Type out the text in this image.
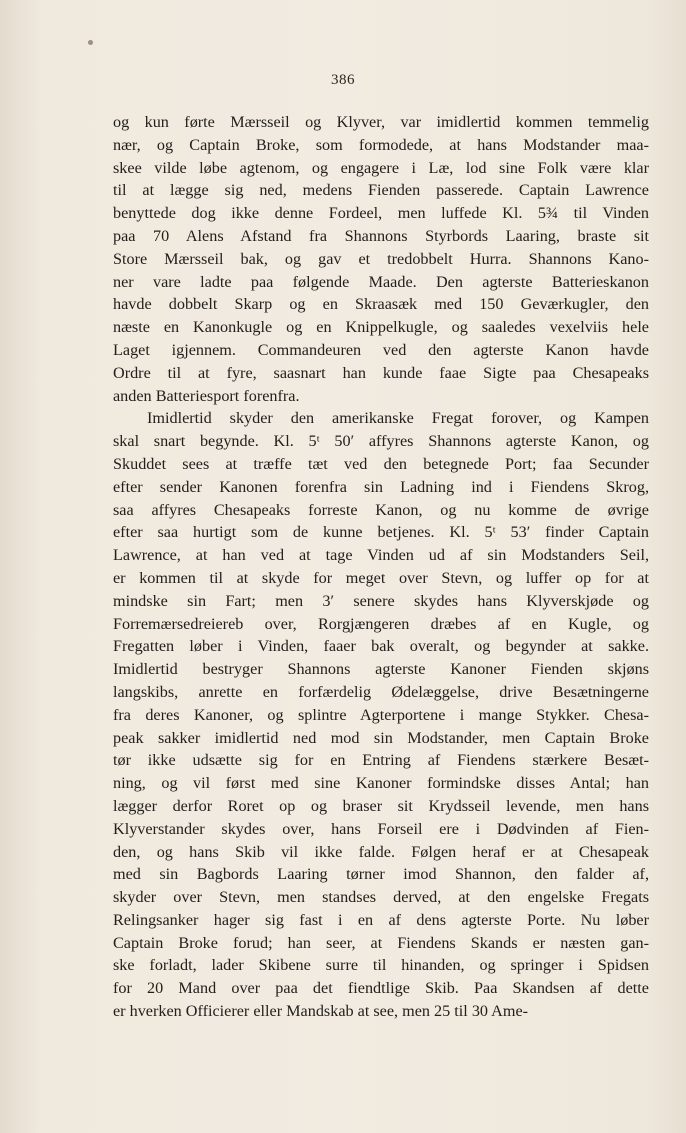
386
og kun førte Mærsseil og Klyver, var imidlertid kommen temmelig
nær, og Captain Broke, som formodede, at hans Modstander maa-
skee vilde løbe agtenom, og engagere i Læ, lod sine Folk være klar
til at lægge sig ned, medens Fienden passerede. Captain Lawrence
benyttede dog ikke denne Fordeel, men luffede Kl. 5¾ til Vinden
paa 70 Alens Afstand fra Shannons Styrbords Laaring, braste sit
Store Mærsseil bak, og gav et tredobbelt Hurra. Shannons Kano-
ner vare ladte paa følgende Maade. Den agterste Batterieskanon
havde dobbelt Skarp og en Skraasæk med 150 Geværkugler, den
næste en Kanonkugle og en Knippelkugle, og saaledes vexelviis hele
Laget igjennem. Commandeuren ved den agterste Kanon havde
Ordre til at fyre, saasnart han kunde faae Sigte paa Chesapeaks
anden Batteriesport forenfra.
Imidlertid skyder den amerikanske Fregat forover, og Kampen
skal snart begynde. Kl. 5ᵗ 50′ affyres Shannons agterste Kanon, og
Skuddet sees at træffe tæt ved den betegnede Port; faa Secunder
efter sender Kanonen forenfra sin Ladning ind i Fiendens Skrog,
saa affyres Chesapeaks forreste Kanon, og nu komme de øvrige
efter saa hurtigt som de kunne betjenes. Kl. 5ᵗ 53′ finder Captain
Lawrence, at han ved at tage Vinden ud af sin Modstanders Seil,
er kommen til at skyde for meget over Stevn, og luffer op for at
mindske sin Fart; men 3′ senere skydes hans Klyverskjøde og
Forremærsedreiereb over, Rorgjængeren dræbes af en Kugle, og
Fregatten løber i Vinden, faaer bak overalt, og begynder at sakke.
Imidlertid bestryger Shannons agterste Kanoner Fienden skjøns
langskibs, anrette en forfærdelig Ødelæggelse, drive Besætningerne
fra deres Kanoner, og splintre Agterportene i mange Stykker. Chesa-
peak sakker imidlertid ned mod sin Modstander, men Captain Broke
tør ikke udsætte sig for en Entring af Fiendens stærkere Besæt-
ning, og vil først med sine Kanoner formindske disses Antal; han
lægger derfor Roret op og braser sit Krydsseil levende, men hans
Klyverstander skydes over, hans Forseil ere i Dødvinden af Fien-
den, og hans Skib vil ikke falde. Følgen heraf er at Chesapeak
med sin Bagbords Laaring tørner imod Shannon, den falder af,
skyder over Stevn, men standses derved, at den engelske Fregats
Relingsanker hager sig fast i en af dens agterste Porte. Nu løber
Captain Broke forud; han seer, at Fiendens Skands er næsten gan-
ske forladt, lader Skibene surre til hinanden, og springer i Spidsen
for 20 Mand over paa det fiendtlige Skib. Paa Skandsen af dette
er hverken Officierer eller Mandskab at see, men 25 til 30 Ame-
